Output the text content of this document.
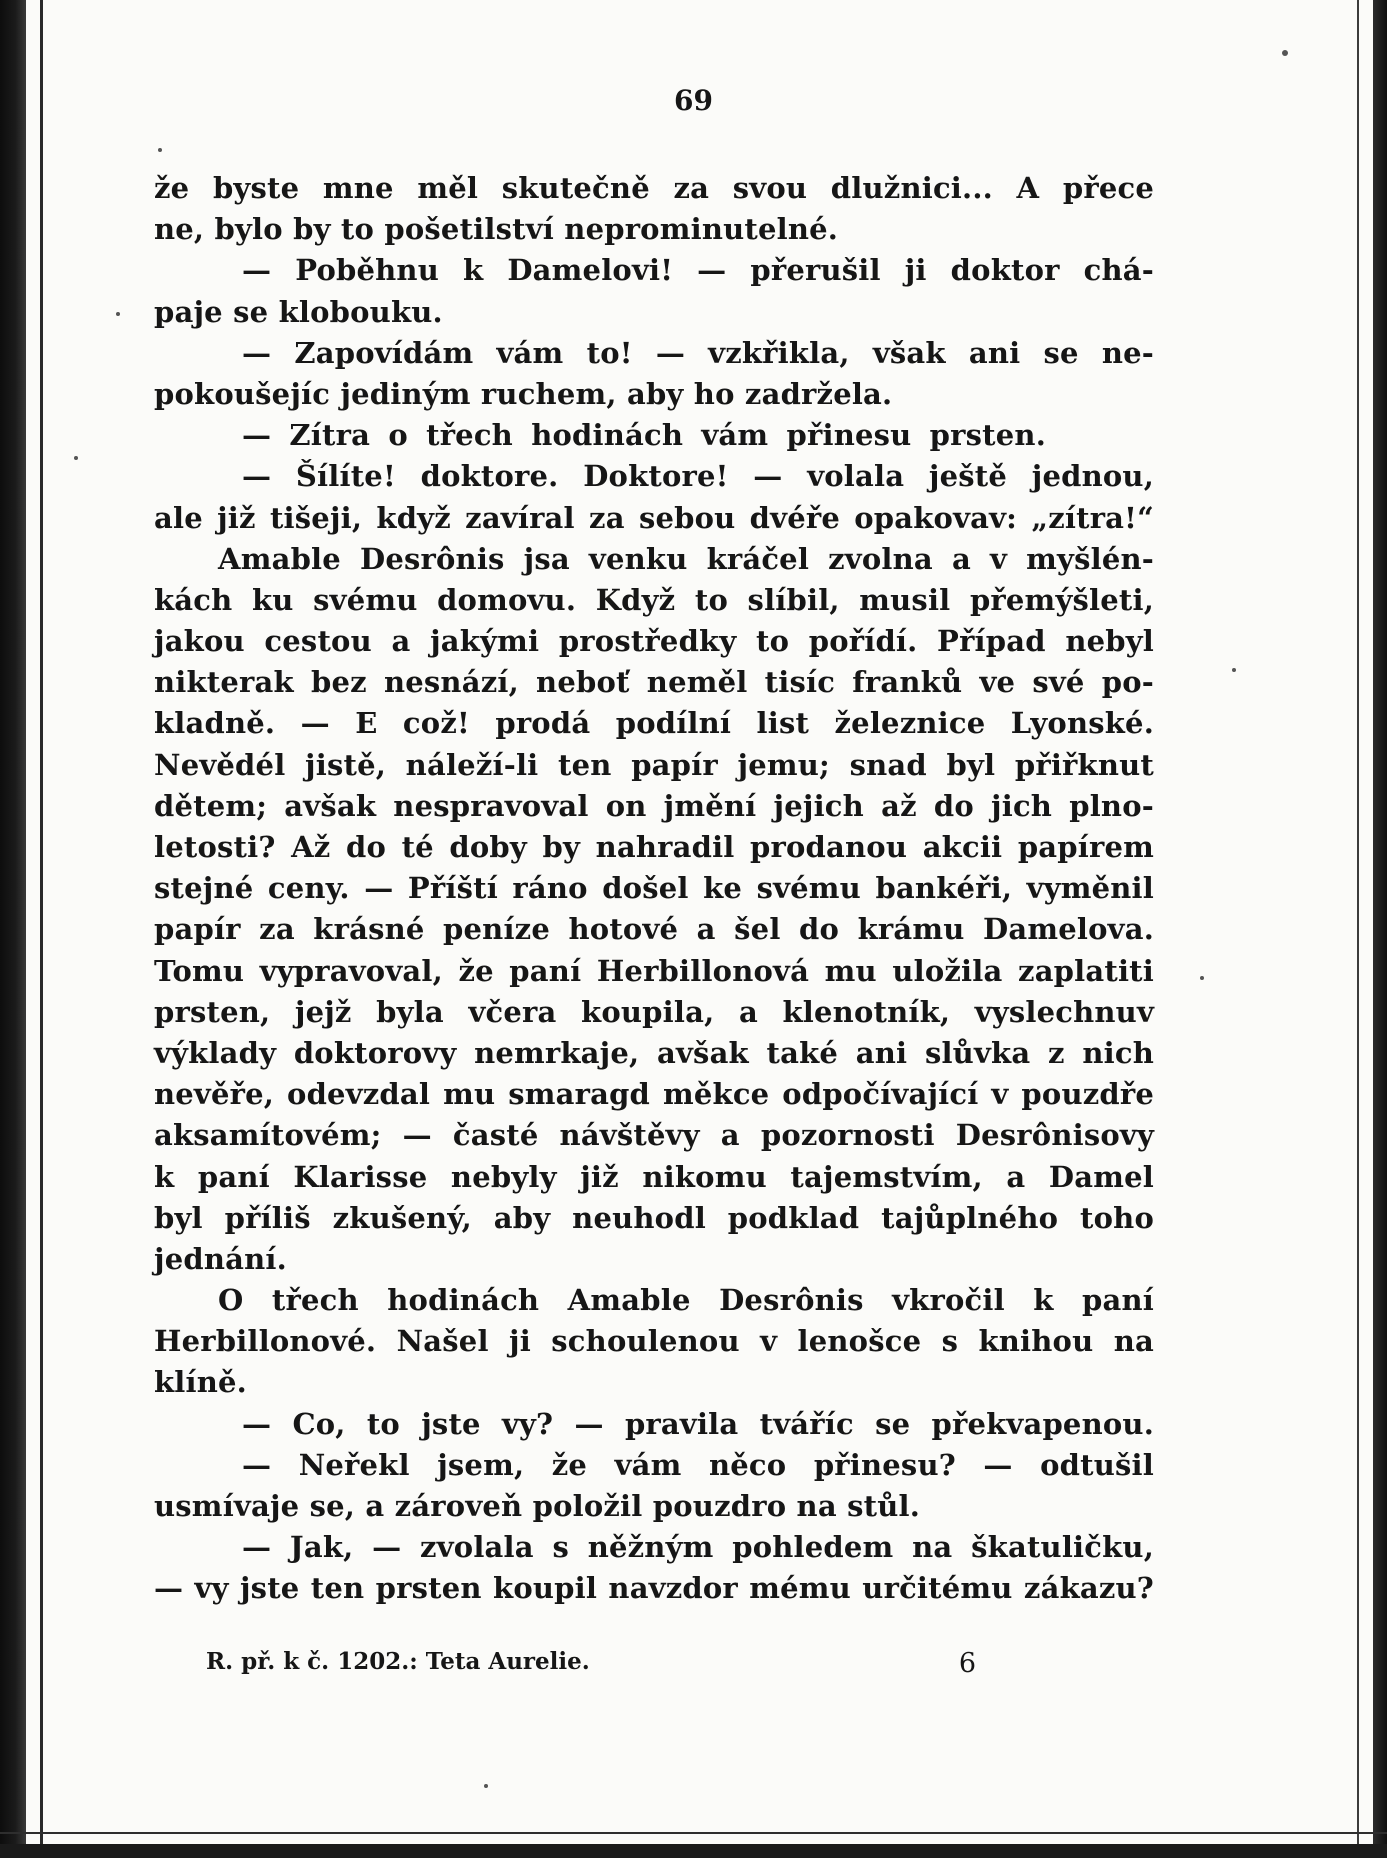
69
že byste mne měl skutečně za svou dlužnici... A přece
ne, bylo by to pošetilství neprominutelné.
— Poběhnu k Damelovi! — přerušil ji doktor chá-
paje se klobouku.
— Zapovídám vám to! — vzkřikla, však ani se ne-
pokoušejíc jediným ruchem, aby ho zadržela.
— Zítra o třech hodinách vám přinesu prsten.
— Šílíte! doktore. Doktore! — volala ještě jednou,
ale již tišeji, když zavíral za sebou dvéře opakovav: „zítra!“
Amable Desrônis jsa venku kráčel zvolna a v myšlén-
kách ku svému domovu. Když to slíbil, musil přemýšleti,
jakou cestou a jakými prostředky to pořídí. Případ nebyl
nikterak bez nesnází, neboť neměl tisíc franků ve své po-
kladně. — E což! prodá podílní list železnice Lyonské.
Nevědél jistě, náleží-li ten papír jemu; snad byl přiřknut
dětem; avšak nespravoval on jmění jejich až do jich plno-
letosti? Až do té doby by nahradil prodanou akcii papírem
stejné ceny. — Příští ráno došel ke svému bankéři, vyměnil
papír za krásné peníze hotové a šel do krámu Damelova.
Tomu vypravoval, že paní Herbillonová mu uložila zaplatiti
prsten, jejž byla včera koupila, a klenotník, vyslechnuv
výklady doktorovy nemrkaje, avšak také ani slůvka z nich
nevěře, odevzdal mu smaragd měkce odpočívající v pouzdře
aksamítovém; — časté návštěvy a pozornosti Desrônisovy
k paní Klarisse nebyly již nikomu tajemstvím, a Damel
byl příliš zkušený, aby neuhodl podklad tajůplného toho
jednání.
O třech hodinách Amable Desrônis vkročil k paní
Herbillonové. Našel ji schoulenou v lenošce s knihou na
klíně.
— Co, to jste vy? — pravila tváříc se překvapenou.
— Neřekl jsem, že vám něco přinesu? — odtušil
usmívaje se, a zároveň položil pouzdro na stůl.
— Jak, — zvolala s něžným pohledem na škatuličku,
— vy jste ten prsten koupil navzdor mému určitému zákazu?
R. př. k č. 1202.: Teta Aurelie.	6
